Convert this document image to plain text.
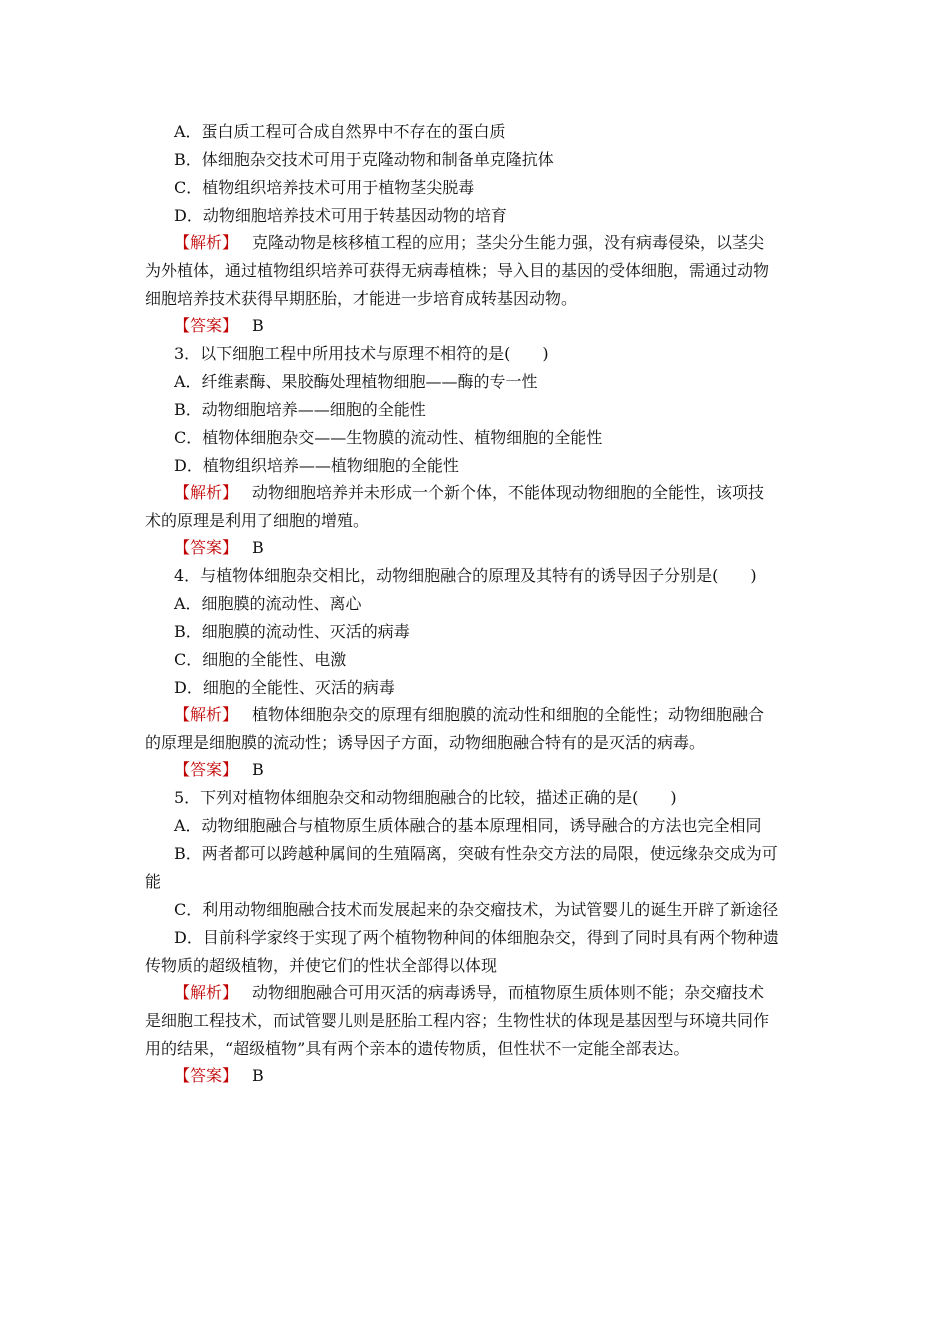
A．蛋白质工程可合成自然界中不存在的蛋白质
B．体细胞杂交技术可用于克隆动物和制备单克隆抗体
C．植物组织培养技术可用于植物茎尖脱毒
D．动物细胞培养技术可用于转基因动物的培育
【解析】 克隆动物是核移植工程的应用；茎尖分生能力强，没有病毒侵染，以茎尖
为外植体，通过植物组织培养可获得无病毒植株；导入目的基因的受体细胞，需通过动物
细胞培养技术获得早期胚胎，才能进一步培育成转基因动物。
【答案】 B
3．以下细胞工程中所用技术与原理不相符的是(　　)
A．纤维素酶、果胶酶处理植物细胞——酶的专一性
B．动物细胞培养——细胞的全能性
C．植物体细胞杂交——生物膜的流动性、植物细胞的全能性
D．植物组织培养——植物细胞的全能性
【解析】 动物细胞培养并未形成一个新个体，不能体现动物细胞的全能性，该项技
术的原理是利用了细胞的增殖。
【答案】 B
4．与植物体细胞杂交相比，动物细胞融合的原理及其特有的诱导因子分别是(　　)
A．细胞膜的流动性、离心
B．细胞膜的流动性、灭活的病毒
C．细胞的全能性、电激
D．细胞的全能性、灭活的病毒
【解析】 植物体细胞杂交的原理有细胞膜的流动性和细胞的全能性；动物细胞融合
的原理是细胞膜的流动性；诱导因子方面，动物细胞融合特有的是灭活的病毒。
【答案】 B
5．下列对植物体细胞杂交和动物细胞融合的比较，描述正确的是(　　)
A．动物细胞融合与植物原生质体融合的基本原理相同，诱导融合的方法也完全相同
B．两者都可以跨越种属间的生殖隔离，突破有性杂交方法的局限，使远缘杂交成为可
能
C．利用动物细胞融合技术而发展起来的杂交瘤技术，为试管婴儿的诞生开辟了新途径
D．目前科学家终于实现了两个植物物种间的体细胞杂交，得到了同时具有两个物种遗
传物质的超级植物，并使它们的性状全部得以体现
【解析】 动物细胞融合可用灭活的病毒诱导，而植物原生质体则不能；杂交瘤技术
是细胞工程技术，而试管婴儿则是胚胎工程内容；生物性状的体现是基因型与环境共同作
用的结果，“超级植物”具有两个亲本的遗传物质，但性状不一定能全部表达。
【答案】 B
